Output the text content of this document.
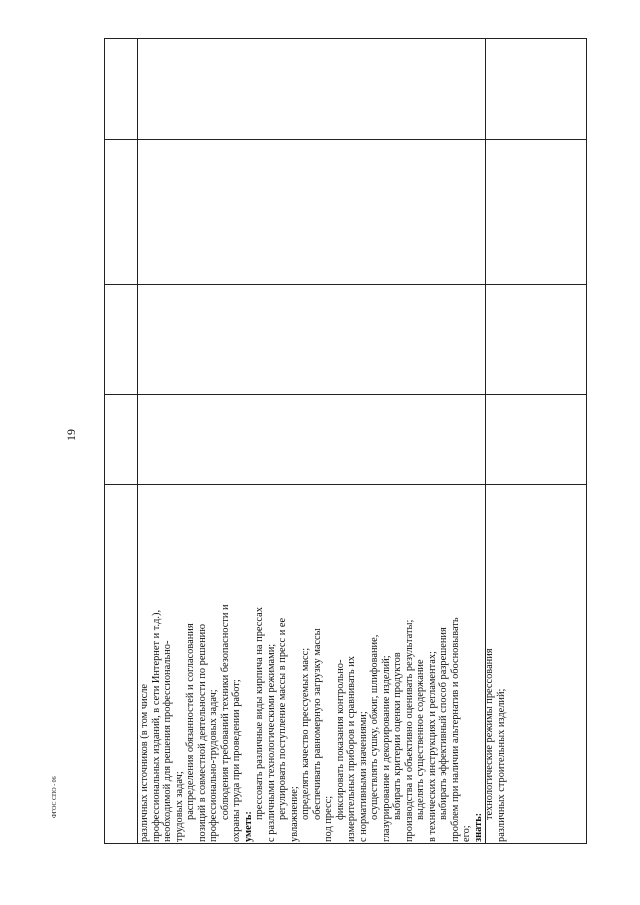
19
различных источников (в том числе профессиональных изданий, в сети Интернет и т.д.), необходимой для решения профессионально- трудовых задач; распределения обязанностей и согласования позиций в совместной деятельности по решению профессионально-трудовых задач; соблюдения требований техники безопасности и охраны труда при проведении работ; уметь:
прессовать различные виды кирпича на прессах с различными технологическими режимами; регулировать поступление массы в пресс и ее увлажнение; определять качество прессуемых масс; обеспечивать равномерную загрузку массы под пресс; фиксировать показания контрольно- измерительных приборов и сравнивать их с нормативными значениями; осуществлять сушку, обжиг, шлифование, глазурирование и декорирование изделий; выбирать критерии оценки продуктов производства и объективно оценивать результаты; выделять существенное содержание в технических инструкциях и регламентах; выбирать эффективный способ разрешения проблем при наличии альтернатив и обосновывать его; знать:
технологические режимы прессования различных строительных изделий;
ФГОС СПО - 06
